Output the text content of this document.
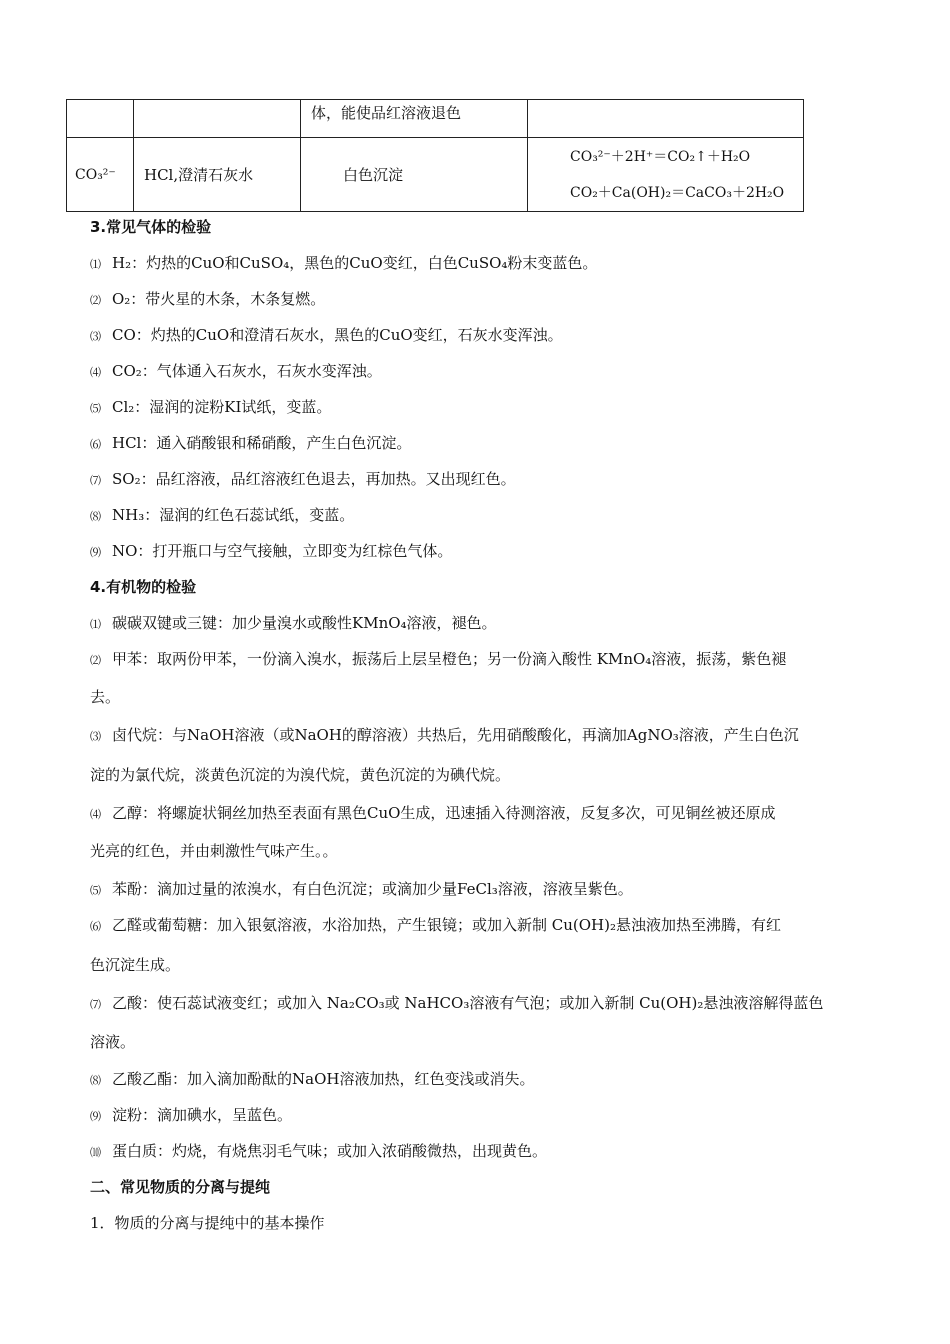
		体，能使品红溶液退色	

CO₃²⁻	HCl,澄清石灰水	白色沉淀	CO₃²⁻＋2H⁺＝CO₂↑＋H₂O
CO₂＋Ca(OH)₂＝CaCO₃＋2H₂O
3.常见气体的检验
⑴ H₂：灼热的CuO和CuSO₄，黑色的CuO变红，白色CuSO₄粉末变蓝色。
⑵ O₂：带火星的木条，木条复燃。
⑶ CO：灼热的CuO和澄清石灰水，黑色的CuO变红，石灰水变浑浊。
⑷ CO₂：气体通入石灰水，石灰水变浑浊。
⑸ Cl₂：湿润的淀粉KI试纸，变蓝。
⑹ HCl：通入硝酸银和稀硝酸，产生白色沉淀。
⑺ SO₂：品红溶液，品红溶液红色退去，再加热。又出现红色。
⑻ NH₃：湿润的红色石蕊试纸，变蓝。
⑼ NO：打开瓶口与空气接触，立即变为红棕色气体。
4.有机物的检验
⑴ 碳碳双键或三键：加少量溴水或酸性KMnO₄溶液，褪色。
⑵ 甲苯：取两份甲苯，一份滴入溴水，振荡后上层呈橙色；另一份滴入酸性 KMnO₄溶液，振荡，紫色褪
去。
⑶ 卤代烷：与NaOH溶液（或NaOH的醇溶液）共热后，先用硝酸酸化，再滴加AgNO₃溶液，产生白色沉
淀的为氯代烷，淡黄色沉淀的为溴代烷，黄色沉淀的为碘代烷。
⑷ 乙醇：将螺旋状铜丝加热至表面有黑色CuO生成，迅速插入待测溶液，反复多次，可见铜丝被还原成
光亮的红色，并由刺激性气味产生。。
⑸ 苯酚：滴加过量的浓溴水，有白色沉淀；或滴加少量FeCl₃溶液，溶液呈紫色。
⑹ 乙醛或葡萄糖：加入银氨溶液，水浴加热，产生银镜；或加入新制 Cu(OH)₂悬浊液加热至沸腾，有红
色沉淀生成。
⑺ 乙酸：使石蕊试液变红；或加入 Na₂CO₃或 NaHCO₃溶液有气泡；或加入新制 Cu(OH)₂悬浊液溶解得蓝色
溶液。
⑻ 乙酸乙酯：加入滴加酚酞的NaOH溶液加热，红色变浅或消失。
⑼ 淀粉：滴加碘水，呈蓝色。
⑽ 蛋白质：灼烧，有烧焦羽毛气味；或加入浓硝酸微热，出现黄色。
二、常见物质的分离与提纯
1．物质的分离与提纯中的基本操作
